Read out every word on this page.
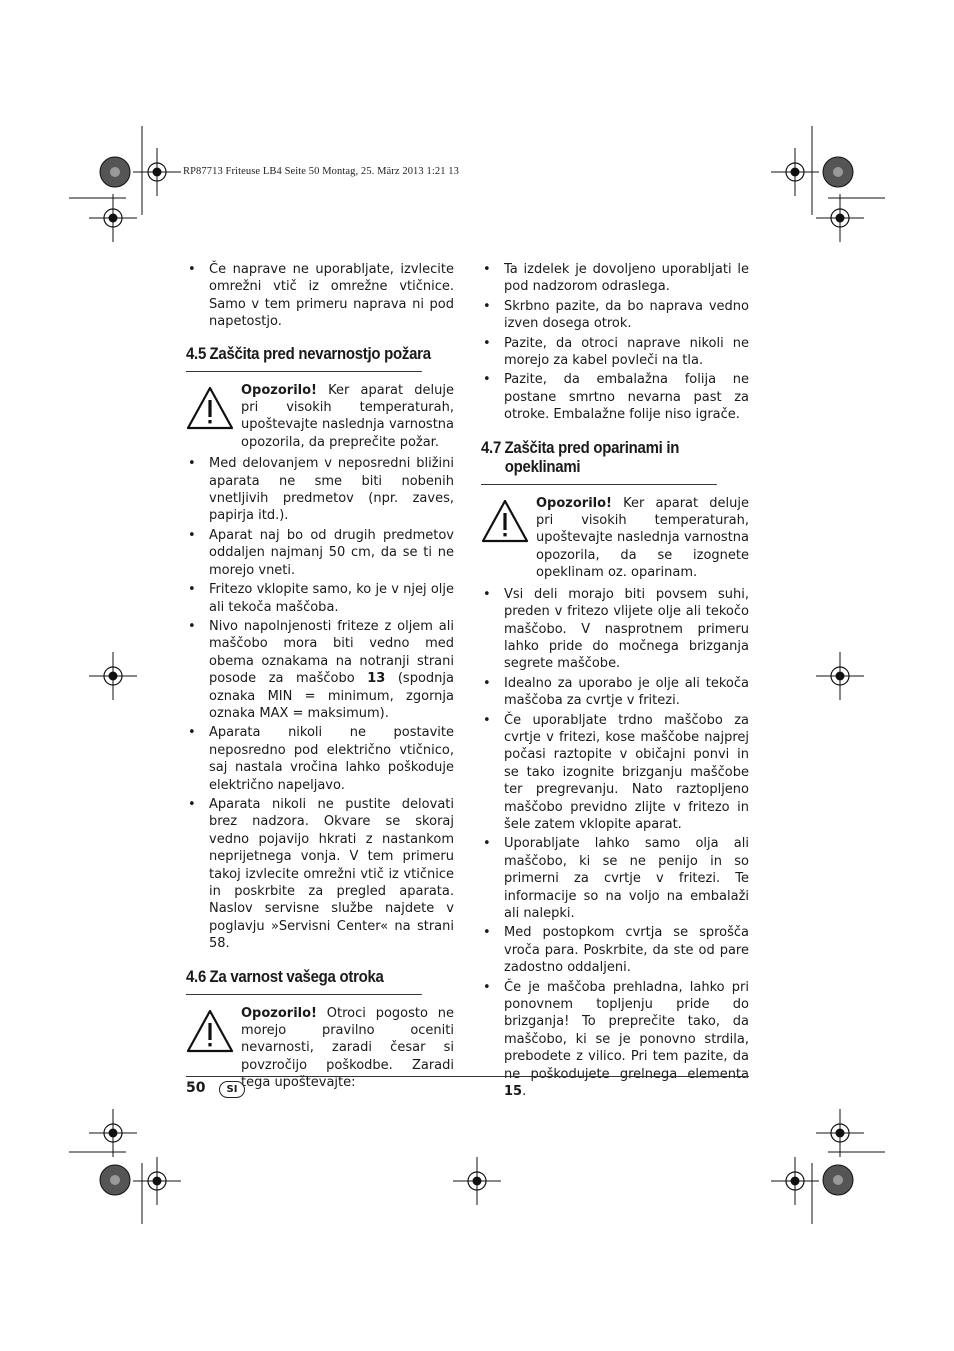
RP87713 Friteuse LB4 Seite 50 Montag, 25. März 2013 1:21 13
• Če naprave ne uporabljate, izvlecite omrežni vtič iz omrežne vtičnice. Samo v tem primeru naprava ni pod napetostjo.
4.5 Zaščita pred nevarnostjo požara
Opozorilo! Ker aparat deluje pri visokih temperaturah, upoštevajte naslednja varnostna opozorila, da preprečite požar.
• Med delovanjem v neposredni bližini aparata ne sme biti nobenih vnetljivih predmetov (npr. zaves, papirja itd.).
• Aparat naj bo od drugih predmetov oddaljen najmanj 50 cm, da se ti ne morejo vneti.
• Fritezo vklopite samo, ko je v njej olje ali tekoča maščoba.
• Nivo napolnjenosti friteze z oljem ali maščobo mora biti vedno med obema oznakama na notranji strani posode za maščobo 13 (spodnja oznaka MIN = minimum, zgornja oznaka MAX = maksimum).
• Aparata nikoli ne postavite neposredno pod električno vtičnico, saj nastala vročina lahko poškoduje električno napeljavo.
• Aparata nikoli ne pustite delovati brez nadzora. Okvare se skoraj vedno pojavijo hkrati z nastankom neprijetnega vonja. V tem primeru takoj izvlecite omrežni vtič iz vtičnice in poskrbite za pregled aparata. Naslov servisne službe najdete v poglavju »Servisni Center« na strani 58.
4.6 Za varnost vašega otroka
Opozorilo! Otroci pogosto ne morejo pravilno oceniti nevarnosti, zaradi česar si povzročijo poškodbe. Zaradi tega upoštevajte:
• Ta izdelek je dovoljeno uporabljati le pod nadzorom odraslega.
• Skrbno pazite, da bo naprava vedno izven dosega otrok.
• Pazite, da otroci naprave nikoli ne morejo za kabel povleči na tla.
• Pazite, da embalažna folija ne postane smrtno nevarna past za otroke. Embalažne folije niso igrače.
4.7 Zaščita pred oparinami in
opeklinami
Opozorilo! Ker aparat deluje pri visokih temperaturah, upoštevajte naslednja varnostna opozorila, da se izognete opeklinam oz. oparinam.
• Vsi deli morajo biti povsem suhi, preden v fritezo vlijete olje ali tekočo maščobo. V nasprotnem primeru lahko pride do močnega brizganja segrete maščobe.
• Idealno za uporabo je olje ali tekoča maščoba za cvrtje v fritezi.
• Če uporabljate trdno maščobo za cvrtje v fritezi, kose maščobe najprej počasi raztopite v običajni ponvi in se tako izognite brizganju maščobe ter pregrevanju. Nato raztopljeno maščobo previdno zlijte v fritezo in šele zatem vklopite aparat.
• Uporabljate lahko samo olja ali maščobo, ki se ne penijo in so primerni za cvrtje v fritezi. Te informacije so na voljo na embalaži ali nalepki.
• Med postopkom cvrtja se sprošča vroča para. Poskrbite, da ste od pare zadostno oddaljeni.
• Če je maščoba prehladna, lahko pri ponovnem topljenju pride do brizganja! To preprečite tako, da maščobo, ki se je ponovno strdila, prebodete z vilico. Pri tem pazite, da ne poškodujete grelnega elementa 15.
50	SI
